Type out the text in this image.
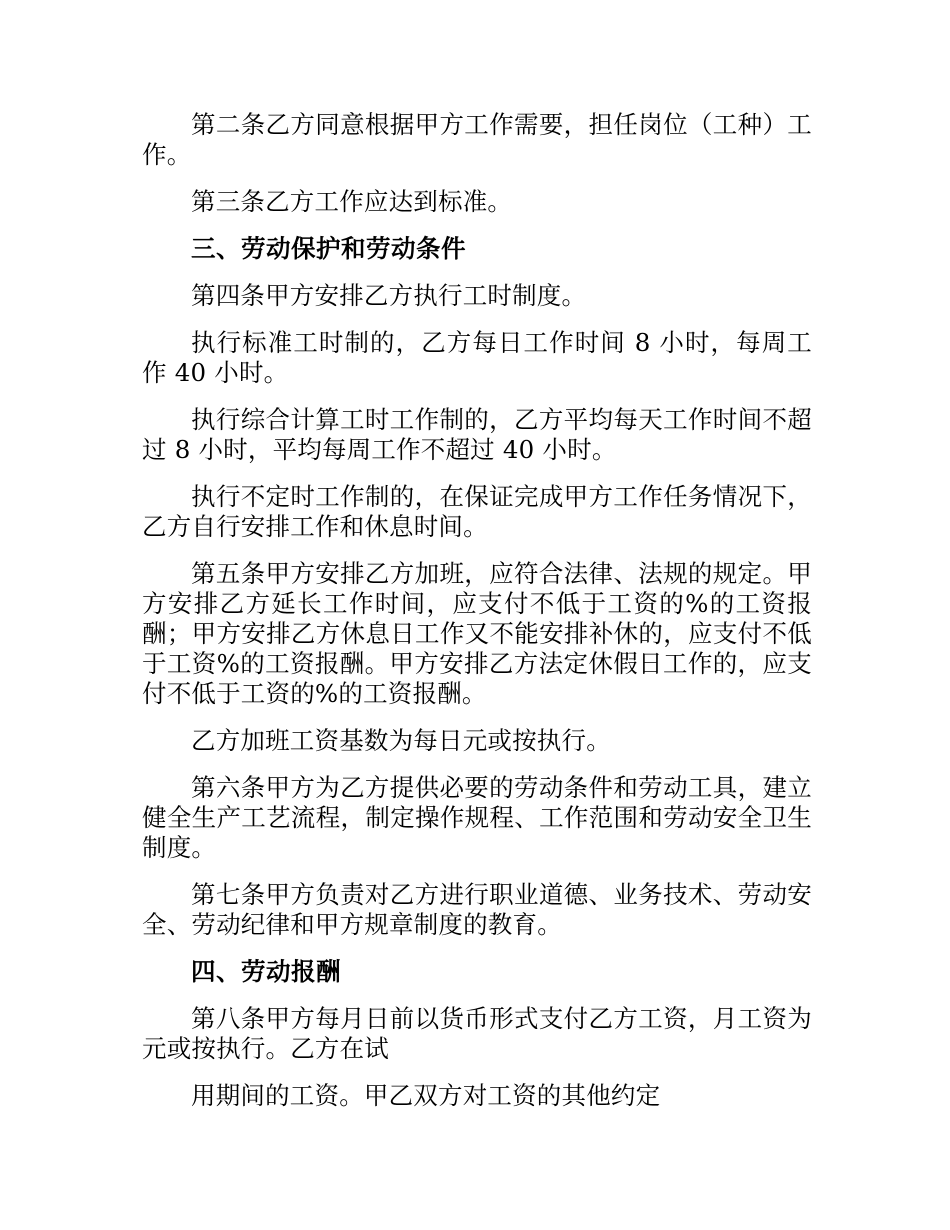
第二条乙方同意根据甲方工作需要，担任岗位（工种）工作。

第三条乙方工作应达到标准。

三、劳动保护和劳动条件

第四条甲方安排乙方执行工时制度。

执行标准工时制的，乙方每日工作时间 8 小时，每周工作 40 小时。

执行综合计算工时工作制的，乙方平均每天工作时间不超过 8 小时，平均每周工作不超过 40 小时。

执行不定时工作制的，在保证完成甲方工作任务情况下，乙方自行安排工作和休息时间。

第五条甲方安排乙方加班，应符合法律、法规的规定。甲方安排乙方延长工作时间，应支付不低于工资的%的工资报酬；甲方安排乙方休息日工作又不能安排补休的，应支付不低于工资%的工资报酬。甲方安排乙方法定休假日工作的，应支付不低于工资的%的工资报酬。

乙方加班工资基数为每日元或按执行。

第六条甲方为乙方提供必要的劳动条件和劳动工具，建立健全生产工艺流程，制定操作规程、工作范围和劳动安全卫生制度。

第七条甲方负责对乙方进行职业道德、业务技术、劳动安全、劳动纪律和甲方规章制度的教育。

四、劳动报酬

第八条甲方每月日前以货币形式支付乙方工资，月工资为元或按执行。乙方在试

用期间的工资。甲乙双方对工资的其他约定
